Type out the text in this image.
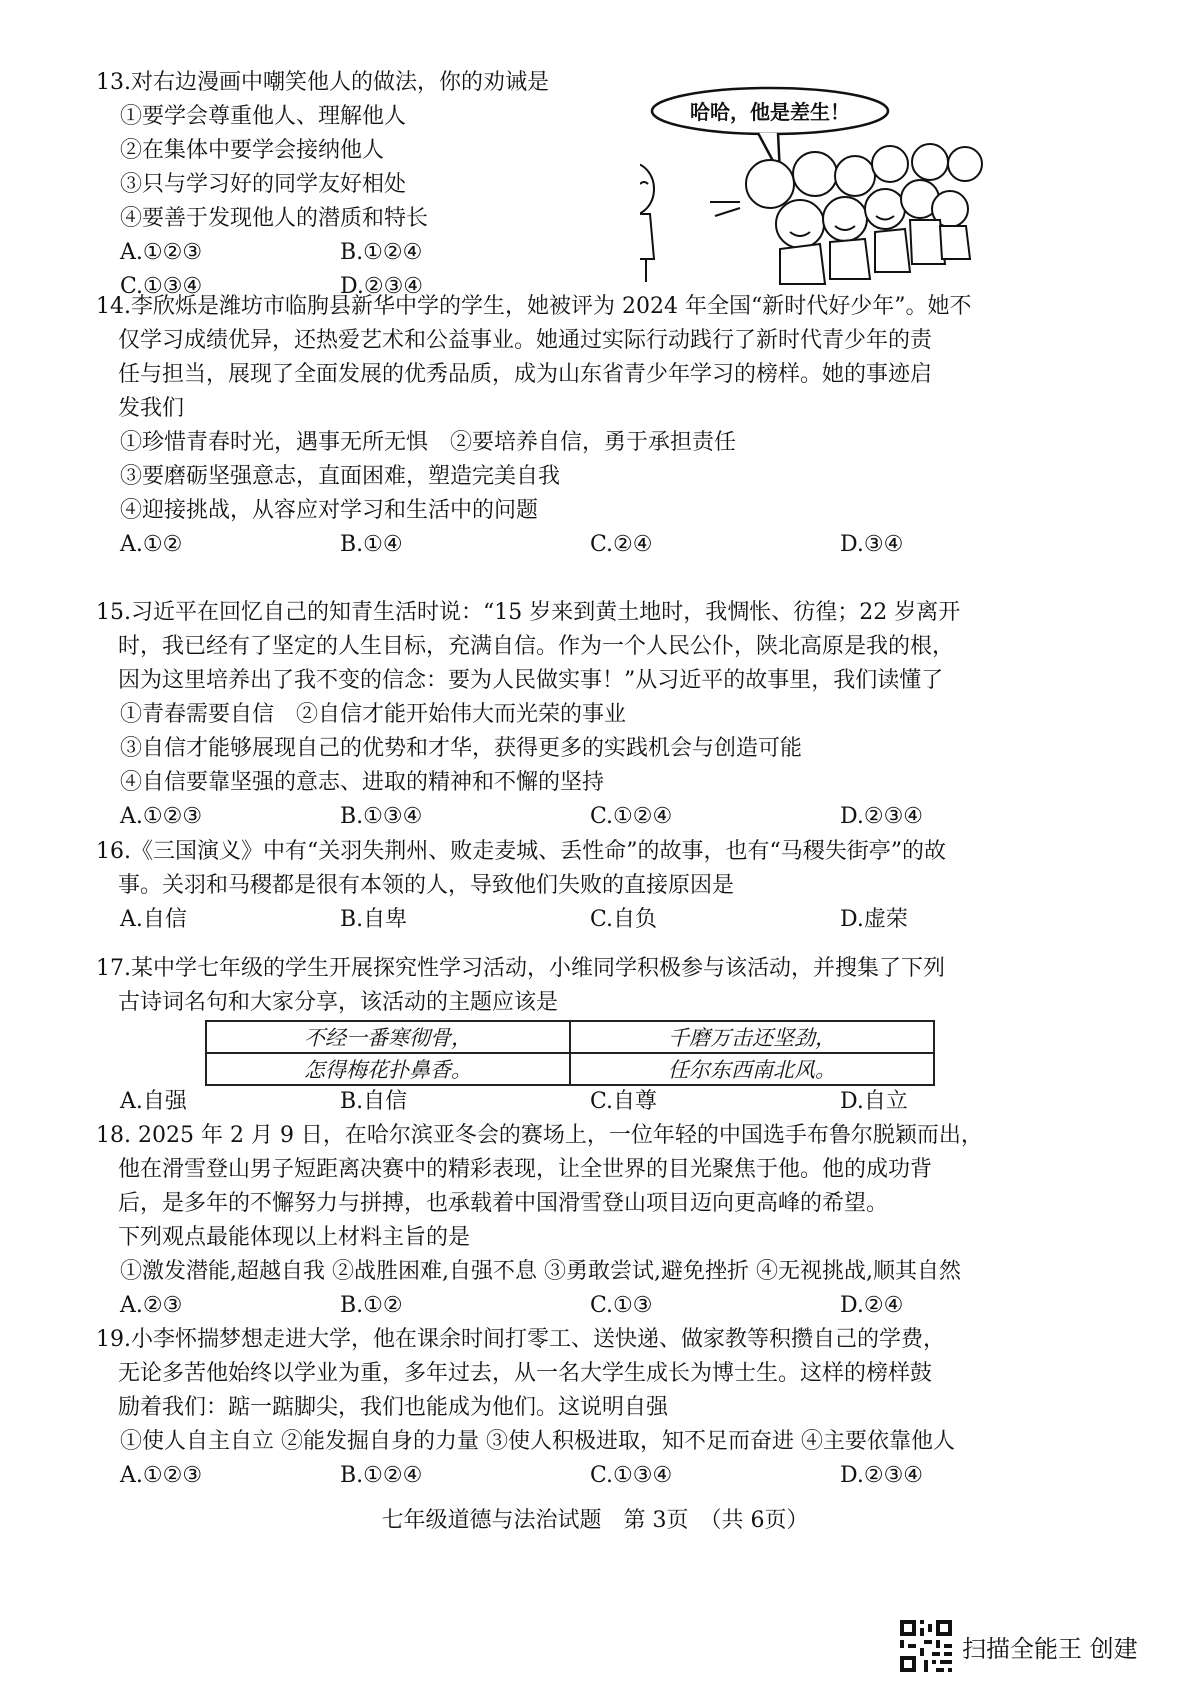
13.对右边漫画中嘲笑他人的做法，你的劝诫是
①要学会尊重他人、理解他人
②在集体中要学会接纳他人
③只与学习好的同学友好相处
④要善于发现他人的潜质和特长
A.①②③	B.①②④
C.①③④	D.②③④
哈哈，他是差生！
14.李欣烁是潍坊市临朐县新华中学的学生，她被评为 2024 年全国“新时代好少年”。她不
仅学习成绩优异，还热爱艺术和公益事业。她通过实际行动践行了新时代青少年的责
任与担当，展现了全面发展的优秀品质，成为山东省青少年学习的榜样。她的事迹启
发我们
①珍惜青春时光，遇事无所无惧　②要培养自信，勇于承担责任
③要磨砺坚强意志，直面困难，塑造完美自我
④迎接挑战，从容应对学习和生活中的问题
A.①②	B.①④	C.②④	D.③④
15.习近平在回忆自己的知青生活时说：“15 岁来到黄土地时，我惆怅、彷徨；22 岁离开
时，我已经有了坚定的人生目标，充满自信。作为一个人民公仆，陕北高原是我的根，
因为这里培养出了我不变的信念：要为人民做实事！”从习近平的故事里，我们读懂了
①青春需要自信　②自信才能开始伟大而光荣的事业
③自信才能够展现自己的优势和才华，获得更多的实践机会与创造可能
④自信要靠坚强的意志、进取的精神和不懈的坚持
A.①②③	B.①③④	C.①②④	D.②③④
16.《三国演义》中有“关羽失荆州、败走麦城、丢性命”的故事，也有“马稷失街亭”的故
事。关羽和马稷都是很有本领的人，导致他们失败的直接原因是
A.自信	B.自卑	C.自负	D.虚荣
17.某中学七年级的学生开展探究性学习活动，小维同学积极参与该活动，并搜集了下列
古诗词名句和大家分享，该活动的主题应该是
不经一番寒彻骨，	千磨万击还坚劲，
怎得梅花扑鼻香。	任尔东西南北风。
A.自强	B.自信	C.自尊	D.自立
18. 2025 年 2 月 9 日，在哈尔滨亚冬会的赛场上，一位年轻的中国选手布鲁尔脱颖而出，
他在滑雪登山男子短距离决赛中的精彩表现，让全世界的目光聚焦于他。他的成功背
后，是多年的不懈努力与拼搏，也承载着中国滑雪登山项目迈向更高峰的希望。
下列观点最能体现以上材料主旨的是
①激发潜能,超越自我 ②战胜困难,自强不息 ③勇敢尝试,避免挫折 ④无视挑战,顺其自然
A.②③	B.①②	C.①③	D.②④
19.小李怀揣梦想走进大学，他在课余时间打零工、送快递、做家教等积攒自己的学费，
无论多苦他始终以学业为重，多年过去，从一名大学生成长为博士生。这样的榜样鼓
励着我们：踮一踮脚尖，我们也能成为他们。这说明自强
①使人自主自立 ②能发掘自身的力量 ③使人积极进取，知不足而奋进 ④主要依靠他人
A.①②③	B.①②④	C.①③④	D.②③④
七年级道德与法治试题　第 3页　（共 6页）
扫描全能王 创建
